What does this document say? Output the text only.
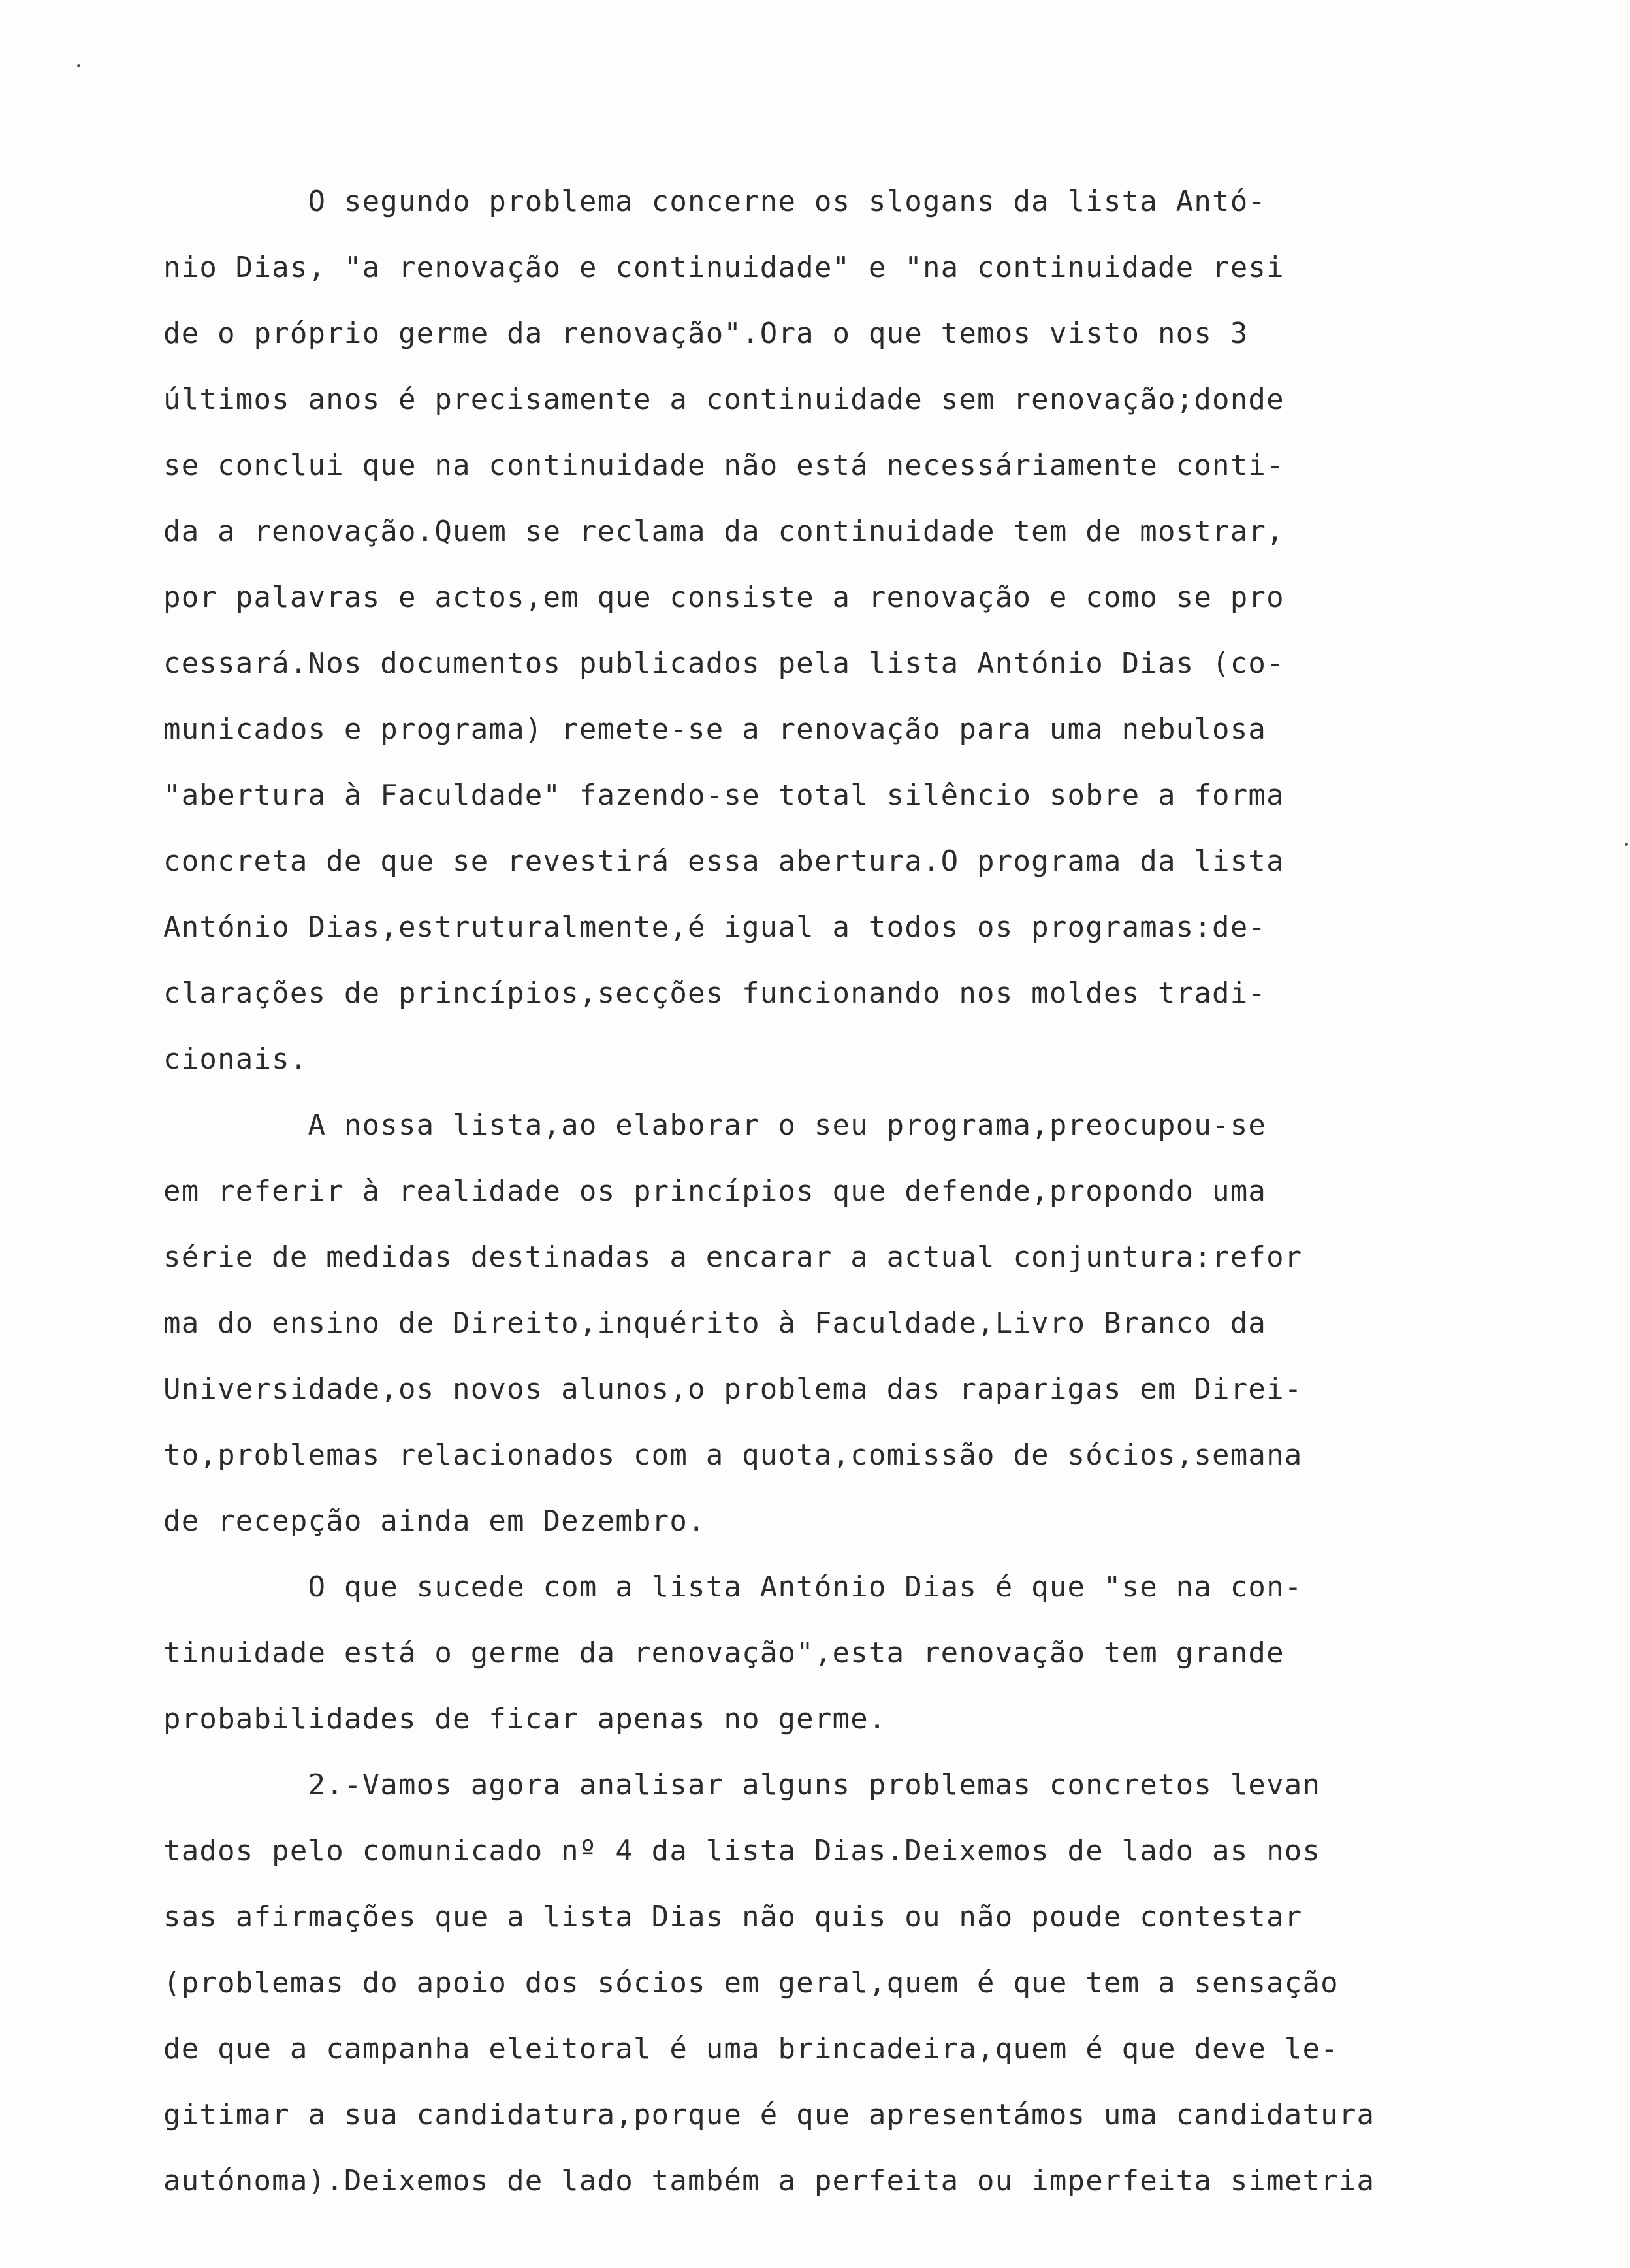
O segundo problema concerne os slogans da lista Antó-
nio Dias, "a renovação e continuidade" e "na continuidade resi
de o próprio germe da renovação".Ora o que temos visto nos 3
últimos anos é precisamente a continuidade sem renovação;donde
se conclui que na continuidade não está necessáriamente conti-
da a renovação.Quem se reclama da continuidade tem de mostrar,
por palavras e actos,em que consiste a renovação e como se pro
cessará.Nos documentos publicados pela lista António Dias (co-
municados e programa) remete-se a renovação para uma nebulosa
"abertura à Faculdade" fazendo-se total silêncio sobre a forma
concreta de que se revestirá essa abertura.O programa da lista
António Dias,estruturalmente,é igual a todos os programas:de-
clarações de princípios,secções funcionando nos moldes tradi-
cionais.
A nossa lista,ao elaborar o seu programa,preocupou-se
em referir à realidade os princípios que defende,propondo uma
série de medidas destinadas a encarar a actual conjuntura:refor
ma do ensino de Direito,inquérito à Faculdade,Livro Branco da
Universidade,os novos alunos,o problema das raparigas em Direi-
to,problemas relacionados com a quota,comissão de sócios,semana
de recepção ainda em Dezembro.
O que sucede com a lista António Dias é que "se na con-
tinuidade está o germe da renovação",esta renovação tem grande
probabilidades de ficar apenas no germe.
2.-Vamos agora analisar alguns problemas concretos levan
tados pelo comunicado nº 4 da lista Dias.Deixemos de lado as nos
sas afirmações que a lista Dias não quis ou não poude contestar
(problemas do apoio dos sócios em geral,quem é que tem a sensação
de que a campanha eleitoral é uma brincadeira,quem é que deve le-
gitimar a sua candidatura,porque é que apresentámos uma candidatura
autónoma).Deixemos de lado também a perfeita ou imperfeita simetria
